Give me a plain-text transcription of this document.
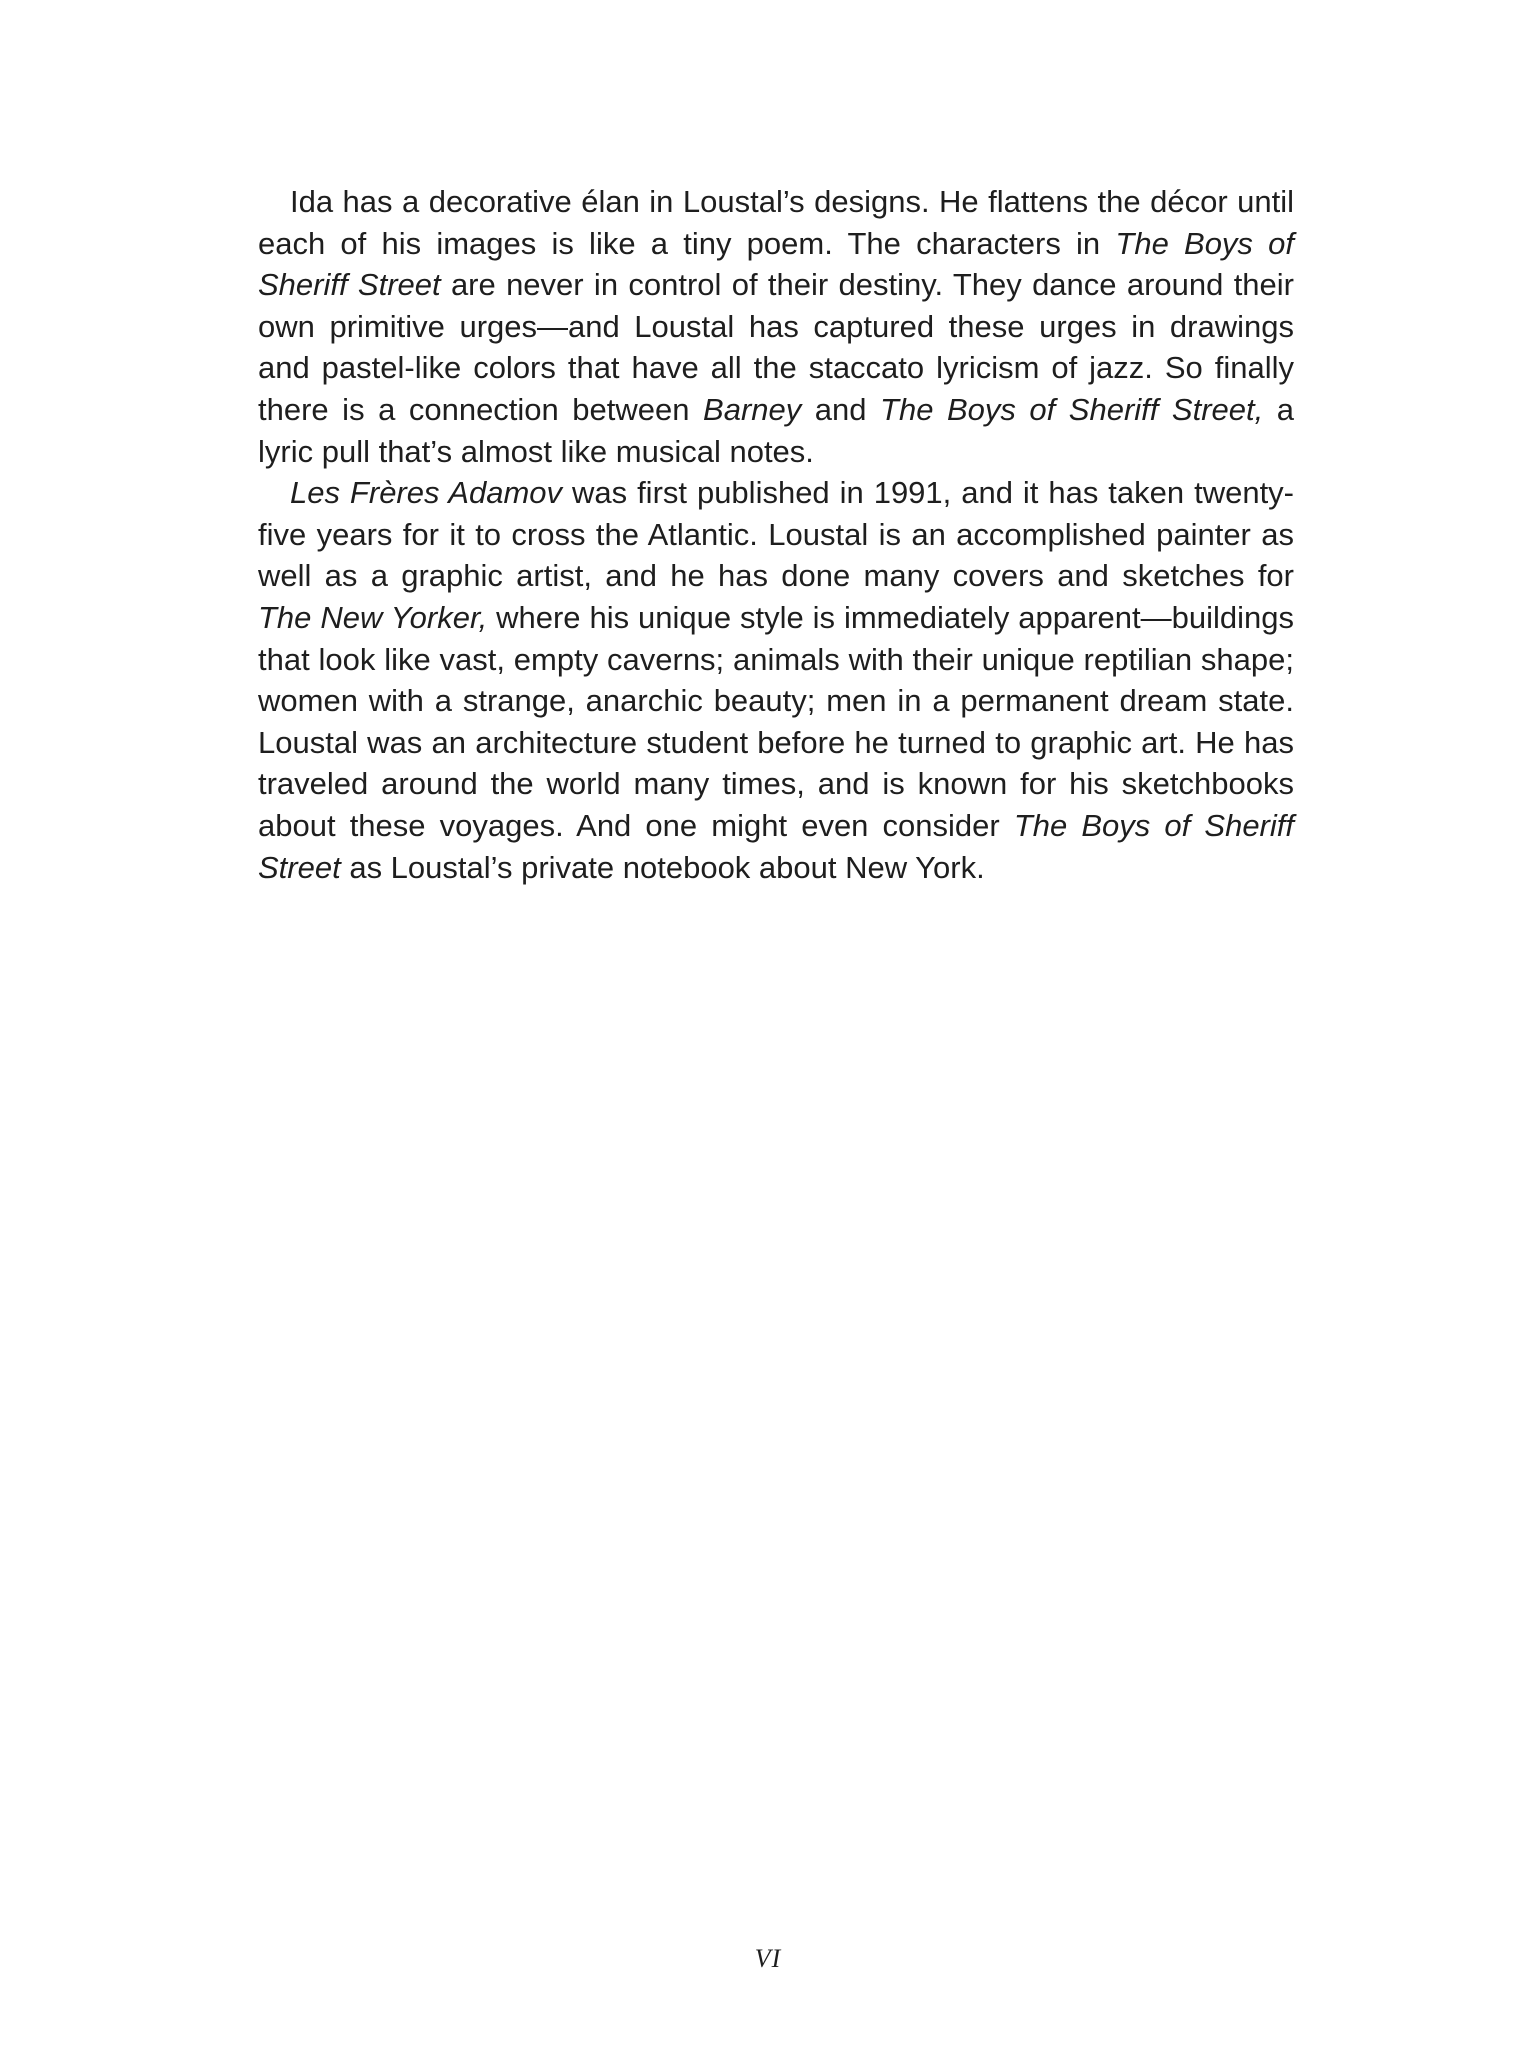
Ida has a decorative élan in Loustal’s designs. He flattens the décor until each of his images is like a tiny poem. The characters in The Boys of Sheriff Street are never in control of their destiny. They dance around their own primitive urges—and Loustal has captured these urges in drawings and pastel-like colors that have all the staccato lyricism of jazz. So finally there is a connection between Barney and The Boys of Sheriff Street, a lyric pull that’s almost like musical notes.

Les Frères Adamov was first published in 1991, and it has taken twenty-five years for it to cross the Atlantic. Loustal is an accomplished painter as well as a graphic artist, and he has done many covers and sketches for The New Yorker, where his unique style is immediately apparent—buildings that look like vast, empty caverns; animals with their unique reptilian shape; women with a strange, anarchic beauty; men in a permanent dream state. Loustal was an architecture student before he turned to graphic art. He has traveled around the world many times, and is known for his sketchbooks about these voyages. And one might even consider The Boys of Sheriff Street as Loustal’s private notebook about New York.

VI
